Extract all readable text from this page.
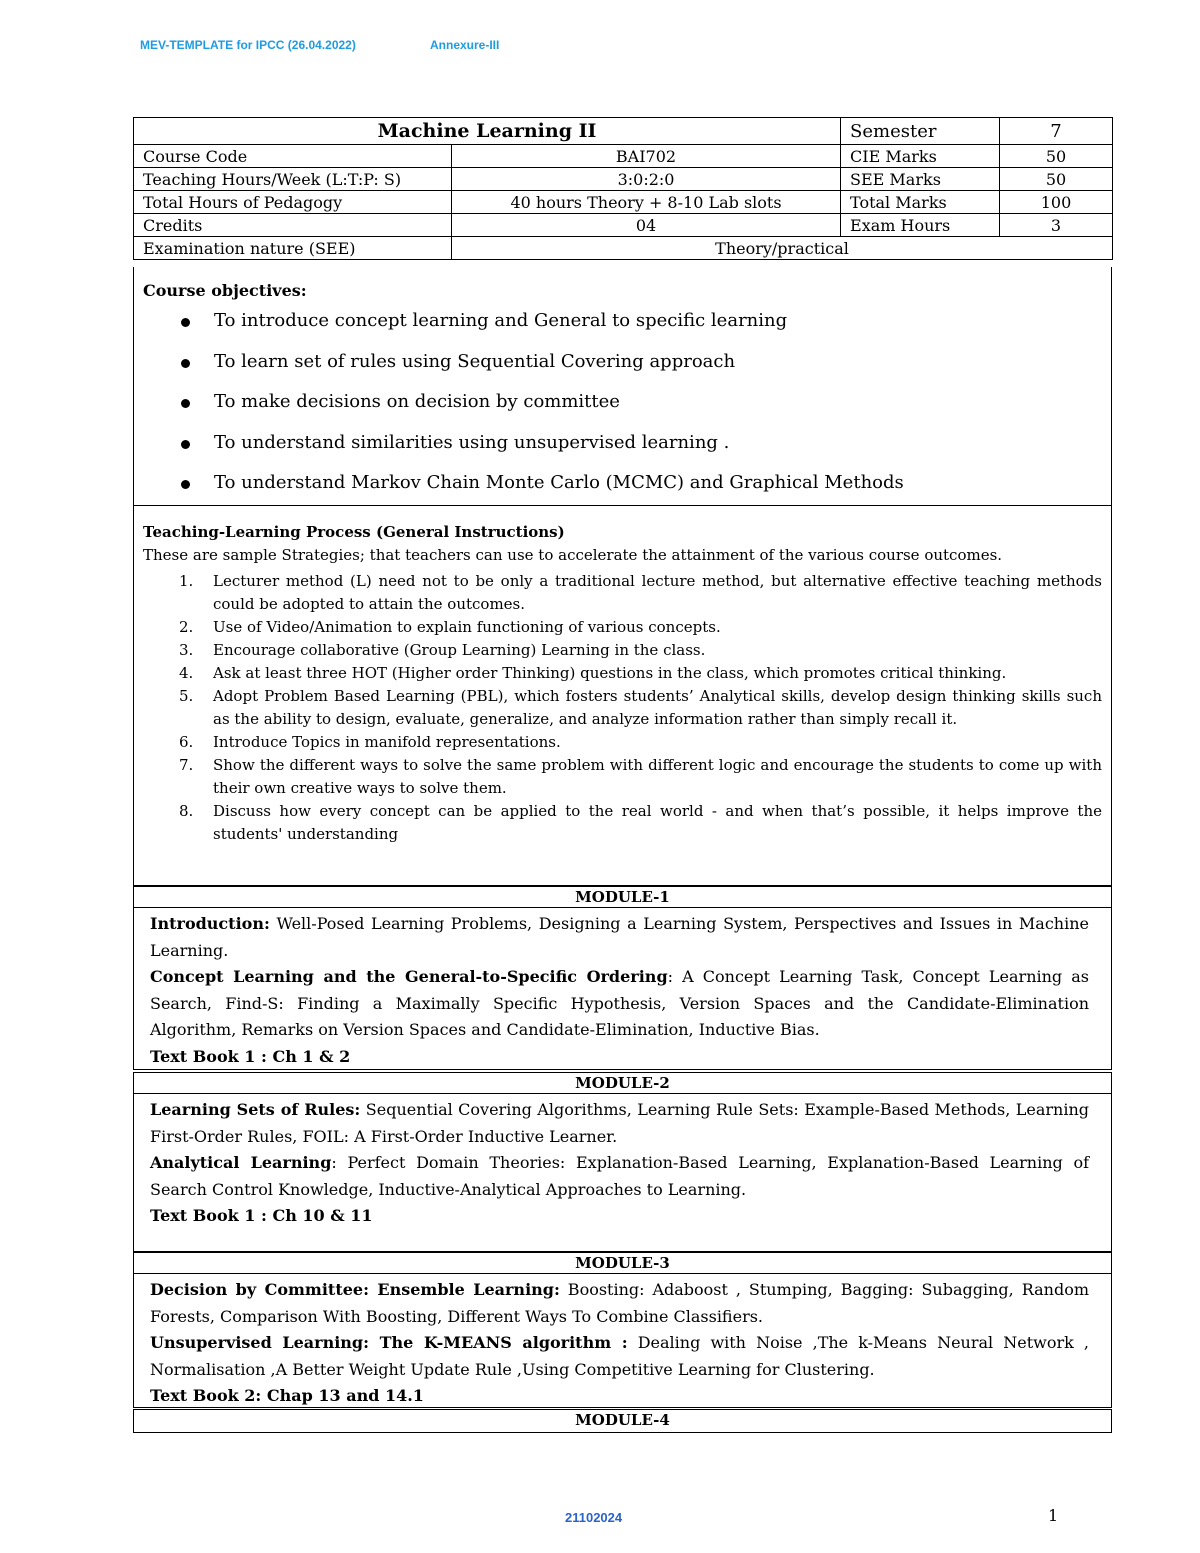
MEV-TEMPLATE for IPCC (26.04.2022)	Annexure-III
Machine Learning II		Semester	7
Course Code	BAI702	CIE Marks	50
Teaching Hours/Week (L:T:P: S)	3:0:2:0	SEE Marks	50
Total Hours of Pedagogy	40 hours Theory + 8-10 Lab slots	Total Marks	100
Credits	04	Exam Hours	3
Examination nature (SEE)	Theory/practical		
Course objectives:
To introduce concept learning and General to specific learning
To learn set of rules using Sequential Covering approach
To make decisions on decision by committee
To understand similarities using unsupervised learning .
To understand Markov Chain Monte Carlo (MCMC) and Graphical Methods
Teaching-Learning Process (General Instructions)
These are sample Strategies; that teachers can use to accelerate the attainment of the various course outcomes.
1. Lecturer method (L) need not to be only a traditional lecture method, but alternative effective teaching methods could be adopted to attain the outcomes.
2. Use of Video/Animation to explain functioning of various concepts.
3. Encourage collaborative (Group Learning) Learning in the class.
4. Ask at least three HOT (Higher order Thinking) questions in the class, which promotes critical thinking.
5. Adopt Problem Based Learning (PBL), which fosters students’ Analytical skills, develop design thinking skills such as the ability to design, evaluate, generalize, and analyze information rather than simply recall it.
6. Introduce Topics in manifold representations.
7. Show the different ways to solve the same problem with different logic and encourage the students to come up with their own creative ways to solve them.
8. Discuss how every concept can be applied to the real world - and when that’s possible, it helps improve the students' understanding
MODULE-1

Introduction: Well-Posed Learning Problems, Designing a Learning System, Perspectives and Issues in Machine Learning.

Concept Learning and the General-to-Specific Ordering: A Concept Learning Task, Concept Learning as Search, Find-S: Finding a Maximally Specific Hypothesis, Version Spaces and the Candidate-Elimination Algorithm, Remarks on Version Spaces and Candidate-Elimination, Inductive Bias.

Text Book 1 : Ch 1 & 2

MODULE-2

Learning Sets of Rules: Sequential Covering Algorithms, Learning Rule Sets: Example-Based Methods, Learning First-Order Rules, FOIL: A First-Order Inductive Learner.

Analytical Learning: Perfect Domain Theories: Explanation-Based Learning, Explanation-Based Learning of Search Control Knowledge, Inductive-Analytical Approaches to Learning.

Text Book 1 : Ch 10 & 11

MODULE-3

Decision by Committee: Ensemble Learning: Boosting: Adaboost , Stumping, Bagging: Subagging, Random Forests, Comparison With Boosting, Different Ways To Combine Classifiers.

Unsupervised Learning: The K-MEANS algorithm : Dealing with Noise ,The k-Means Neural Network , Normalisation ,A Better Weight Update Rule ,Using Competitive Learning for Clustering.

Text Book 2: Chap 13 and 14.1

MODULE-4
21102024	1
